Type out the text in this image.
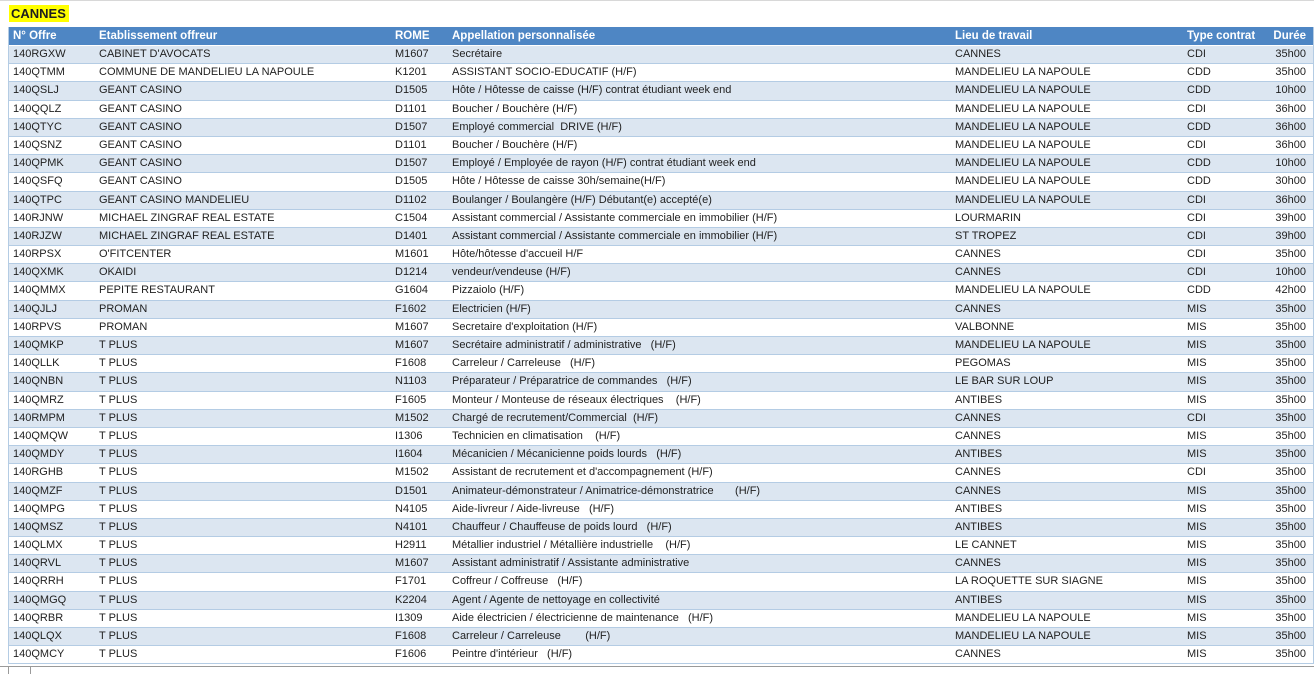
CANNES
N° Offre	Etablissement offreur	ROME	Appellation personnalisée	Lieu de travail	Type contrat	Durée
140RGXW	CABINET D'AVOCATS	M1607	Secrétaire	CANNES	CDI	35h00
140QTMM	COMMUNE DE MANDELIEU LA NAPOULE	K1201	ASSISTANT SOCIO-EDUCATIF (H/F)	MANDELIEU LA NAPOULE	CDD	35h00
140QSLJ	GEANT CASINO	D1505	Hôte / Hôtesse de caisse (H/F) contrat étudiant week end	MANDELIEU LA NAPOULE	CDD	10h00
140QQLZ	GEANT CASINO	D1101	Boucher / Bouchère (H/F)	MANDELIEU LA NAPOULE	CDI	36h00
140QTYC	GEANT CASINO	D1507	Employé commercial  DRIVE (H/F)	MANDELIEU LA NAPOULE	CDD	36h00
140QSNZ	GEANT CASINO	D1101	Boucher / Bouchère (H/F)	MANDELIEU LA NAPOULE	CDI	36h00
140QPMK	GEANT CASINO	D1507	Employé / Employée de rayon (H/F) contrat étudiant week end	MANDELIEU LA NAPOULE	CDD	10h00
140QSFQ	GEANT CASINO	D1505	Hôte / Hôtesse de caisse 30h/semaine(H/F)	MANDELIEU LA NAPOULE	CDD	30h00
140QTPC	GEANT CASINO MANDELIEU	D1102	Boulanger / Boulangère (H/F) Débutant(e) accepté(e)	MANDELIEU LA NAPOULE	CDI	36h00
140RJNW	MICHAEL ZINGRAF REAL ESTATE	C1504	Assistant commercial / Assistante commerciale en immobilier (H/F)	LOURMARIN	CDI	39h00
140RJZW	MICHAEL ZINGRAF REAL ESTATE	D1401	Assistant commercial / Assistante commerciale en immobilier (H/F)	ST TROPEZ	CDI	39h00
140RPSX	O'FITCENTER	M1601	Hôte/hôtesse d'accueil H/F	CANNES	CDI	35h00
140QXMK	OKAIDI	D1214	vendeur/vendeuse (H/F)	CANNES	CDI	10h00
140QMMX	PEPITE RESTAURANT	G1604	Pizzaiolo (H/F)	MANDELIEU LA NAPOULE	CDD	42h00
140QJLJ	PROMAN	F1602	Electricien (H/F)	CANNES	MIS	35h00
140RPVS	PROMAN	M1607	Secretaire d'exploitation (H/F)	VALBONNE	MIS	35h00
140QMKP	T PLUS	M1607	Secrétaire administratif / administrative   (H/F)	MANDELIEU LA NAPOULE	MIS	35h00
140QLLK	T PLUS	F1608	Carreleur / Carreleuse   (H/F)	PEGOMAS	MIS	35h00
140QNBN	T PLUS	N1103	Préparateur / Préparatrice de commandes   (H/F)	LE BAR SUR LOUP	MIS	35h00
140QMRZ	T PLUS	F1605	Monteur / Monteuse de réseaux électriques    (H/F)	ANTIBES	MIS	35h00
140RMPM	T PLUS	M1502	Chargé de recrutement/Commercial  (H/F)	CANNES	CDI	35h00
140QMQW	T PLUS	I1306	Technicien en climatisation    (H/F)	CANNES	MIS	35h00
140QMDY	T PLUS	I1604	Mécanicien / Mécanicienne poids lourds   (H/F)	ANTIBES	MIS	35h00
140RGHB	T PLUS	M1502	Assistant de recrutement et d'accompagnement (H/F)	CANNES	CDI	35h00
140QMZF	T PLUS	D1501	Animateur-démonstrateur / Animatrice-démonstratrice       (H/F)	CANNES	MIS	35h00
140QMPG	T PLUS	N4105	Aide-livreur / Aide-livreuse   (H/F)	ANTIBES	MIS	35h00
140QMSZ	T PLUS	N4101	Chauffeur / Chauffeuse de poids lourd   (H/F)	ANTIBES	MIS	35h00
140QLMX	T PLUS	H2911	Métallier industriel / Métallière industrielle    (H/F)	LE CANNET	MIS	35h00
140QRVL	T PLUS	M1607	Assistant administratif / Assistante administrative	CANNES	MIS	35h00
140QRRH	T PLUS	F1701	Coffreur / Coffreuse   (H/F)	LA ROQUETTE SUR SIAGNE	MIS	35h00
140QMGQ	T PLUS	K2204	Agent / Agente de nettoyage en collectivité	ANTIBES	MIS	35h00
140QRBR	T PLUS	I1309	Aide électricien / électricienne de maintenance   (H/F)	MANDELIEU LA NAPOULE	MIS	35h00
140QLQX	T PLUS	F1608	Carreleur / Carreleuse        (H/F)	MANDELIEU LA NAPOULE	MIS	35h00
140QMCY	T PLUS	F1606	Peintre d'intérieur   (H/F)	CANNES	MIS	35h00
